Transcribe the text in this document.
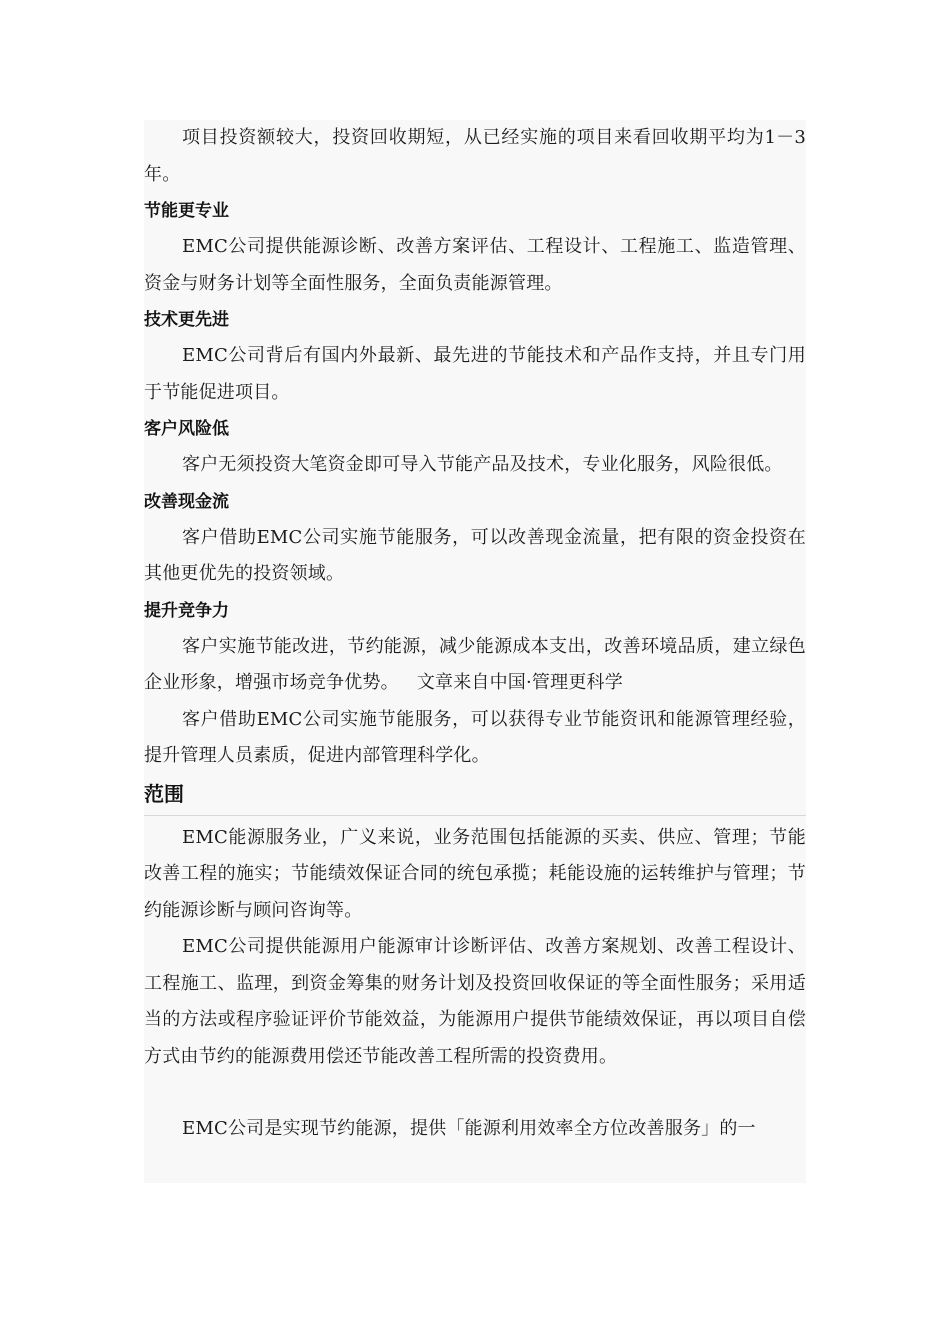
项目投资额较大，投资回收期短，从已经实施的项目来看回收期平均为1－3年。

节能更专业

EMC公司提供能源诊断、改善方案评估、工程设计、工程施工、监造管理、资金与财务计划等全面性服务，全面负责能源管理。

技术更先进

EMC公司背后有国内外最新、最先进的节能技术和产品作支持，并且专门用于节能促进项目。

客户风险低

客户无须投资大笔资金即可导入节能产品及技术，专业化服务，风险很低。

改善现金流

客户借助EMC公司实施节能服务，可以改善现金流量，把有限的资金投资在其他更优先的投资领域。

提升竞争力

客户实施节能改进，节约能源，减少能源成本支出，改善环境品质，建立绿色企业形象，增强市场竞争优势。 文章来自中国·管理更科学

客户借助EMC公司实施节能服务，可以获得专业节能资讯和能源管理经验，提升管理人员素质，促进内部管理科学化。

范围

EMC能源服务业，广义来说，业务范围包括能源的买卖、供应、管理；节能改善工程的施实；节能绩效保证合同的统包承揽；耗能设施的运转维护与管理；节约能源诊断与顾问咨询等。

EMC公司提供能源用户能源审计诊断评估、改善方案规划、改善工程设计、工程施工、监理，到资金筹集的财务计划及投资回收保证的等全面性服务；采用适当的方法或程序验证评价节能效益，为能源用户提供节能绩效保证，再以项目自偿方式由节约的能源费用偿还节能改善工程所需的投资费用。

EMC公司是实现节约能源，提供「能源利用效率全方位改善服务」的一
